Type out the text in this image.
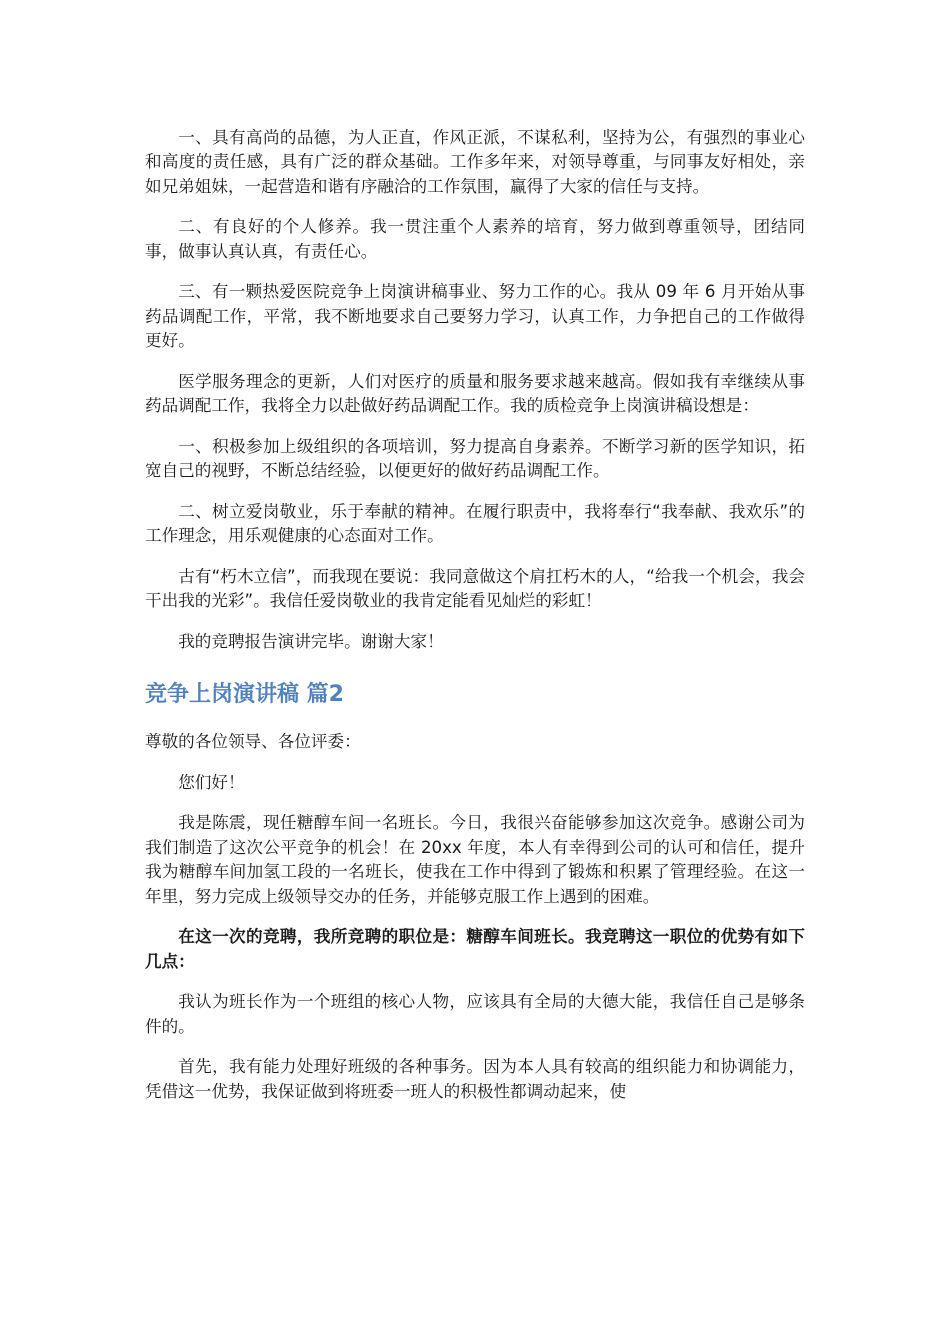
一、具有高尚的品德，为人正直，作风正派，不谋私利，坚持为公，有强烈的事业心和高度的责任感，具有广泛的群众基础。工作多年来，对领导尊重，与同事友好相处，亲如兄弟姐妹，一起营造和谐有序融洽的工作氛围，赢得了大家的信任与支持。

二、有良好的个人修养。我一贯注重个人素养的培育，努力做到尊重领导，团结同事，做事认真认真，有责任心。

三、有一颗热爱医院竞争上岗演讲稿事业、努力工作的心。我从 09 年 6 月开始从事药品调配工作，平常，我不断地要求自己要努力学习，认真工作，力争把自己的工作做得更好。

医学服务理念的更新，人们对医疗的质量和服务要求越来越高。假如我有幸继续从事药品调配工作，我将全力以赴做好药品调配工作。我的质检竞争上岗演讲稿设想是：

一、积极参加上级组织的各项培训，努力提高自身素养。不断学习新的医学知识，拓宽自己的视野，不断总结经验，以便更好的做好药品调配工作。

二、树立爱岗敬业，乐于奉献的精神。在履行职责中，我将奉行“我奉献、我欢乐”的工作理念，用乐观健康的心态面对工作。

古有“朽木立信”，而我现在要说：我同意做这个肩扛朽木的人，“给我一个机会，我会干出我的光彩”。我信任爱岗敬业的我肯定能看见灿烂的彩虹！

我的竞聘报告演讲完毕。谢谢大家！

竞争上岗演讲稿 篇2

尊敬的各位领导、各位评委：

您们好！

我是陈震，现任糖醇车间一名班长。今日，我很兴奋能够参加这次竞争。感谢公司为我们制造了这次公平竞争的机会！在 20xx 年度，本人有幸得到公司的认可和信任，提升我为糖醇车间加氢工段的一名班长，使我在工作中得到了锻炼和积累了管理经验。在这一年里，努力完成上级领导交办的任务，并能够克服工作上遇到的困难。

在这一次的竞聘，我所竞聘的职位是：糖醇车间班长。我竞聘这一职位的优势有如下几点：

我认为班长作为一个班组的核心人物，应该具有全局的大德大能，我信任自己是够条件的。

首先，我有能力处理好班级的各种事务。因为本人具有较高的组织能力和协调能力，凭借这一优势，我保证做到将班委一班人的积极性都调动起来，使
